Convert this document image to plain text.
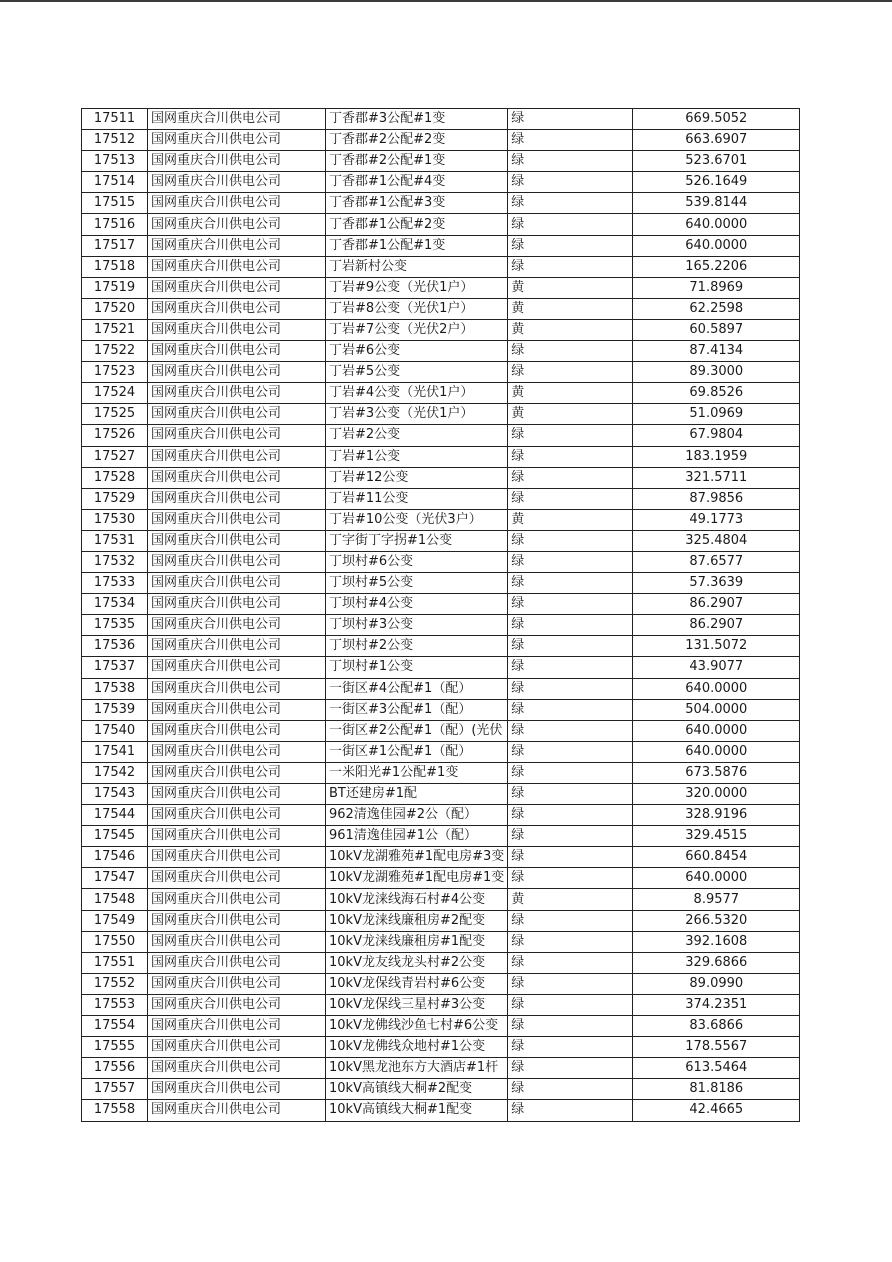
17511	国网重庆合川供电公司	丁香郡#3公配#1变	绿	669.5052
17512	国网重庆合川供电公司	丁香郡#2公配#2变	绿	663.6907
17513	国网重庆合川供电公司	丁香郡#2公配#1变	绿	523.6701
17514	国网重庆合川供电公司	丁香郡#1公配#4变	绿	526.1649
17515	国网重庆合川供电公司	丁香郡#1公配#3变	绿	539.8144
17516	国网重庆合川供电公司	丁香郡#1公配#2变	绿	640.0000
17517	国网重庆合川供电公司	丁香郡#1公配#1变	绿	640.0000
17518	国网重庆合川供电公司	丁岩新村公变	绿	165.2206
17519	国网重庆合川供电公司	丁岩#9公变（光伏1户）	黄	71.8969
17520	国网重庆合川供电公司	丁岩#8公变（光伏1户）	黄	62.2598
17521	国网重庆合川供电公司	丁岩#7公变（光伏2户）	黄	60.5897
17522	国网重庆合川供电公司	丁岩#6公变	绿	87.4134
17523	国网重庆合川供电公司	丁岩#5公变	绿	89.3000
17524	国网重庆合川供电公司	丁岩#4公变（光伏1户）	黄	69.8526
17525	国网重庆合川供电公司	丁岩#3公变（光伏1户）	黄	51.0969
17526	国网重庆合川供电公司	丁岩#2公变	绿	67.9804
17527	国网重庆合川供电公司	丁岩#1公变	绿	183.1959
17528	国网重庆合川供电公司	丁岩#12公变	绿	321.5711
17529	国网重庆合川供电公司	丁岩#11公变	绿	87.9856
17530	国网重庆合川供电公司	丁岩#10公变（光伏3户）	黄	49.1773
17531	国网重庆合川供电公司	丁字街丁字拐#1公变	绿	325.4804
17532	国网重庆合川供电公司	丁坝村#6公变	绿	87.6577
17533	国网重庆合川供电公司	丁坝村#5公变	绿	57.3639
17534	国网重庆合川供电公司	丁坝村#4公变	绿	86.2907
17535	国网重庆合川供电公司	丁坝村#3公变	绿	86.2907
17536	国网重庆合川供电公司	丁坝村#2公变	绿	131.5072
17537	国网重庆合川供电公司	丁坝村#1公变	绿	43.9077
17538	国网重庆合川供电公司	一街区#4公配#1（配）	绿	640.0000
17539	国网重庆合川供电公司	一街区#3公配#1（配）	绿	504.0000
17540	国网重庆合川供电公司	一街区#2公配#1（配）(光伏	绿	640.0000
17541	国网重庆合川供电公司	一街区#1公配#1（配）	绿	640.0000
17542	国网重庆合川供电公司	一米阳光#1公配#1变	绿	673.5876
17543	国网重庆合川供电公司	BT还建房#1配	绿	320.0000
17544	国网重庆合川供电公司	962清逸佳园#2公（配）	绿	328.9196
17545	国网重庆合川供电公司	961清逸佳园#1公（配）	绿	329.4515
17546	国网重庆合川供电公司	10kV龙湖雅苑#1配电房#3变	绿	660.8454
17547	国网重庆合川供电公司	10kV龙湖雅苑#1配电房#1变	绿	640.0000
17548	国网重庆合川供电公司	10kV龙涞线海石村#4公变	黄	8.9577
17549	国网重庆合川供电公司	10kV龙涞线廉租房#2配变	绿	266.5320
17550	国网重庆合川供电公司	10kV龙涞线廉租房#1配变	绿	392.1608
17551	国网重庆合川供电公司	10kV龙友线龙头村#2公变	绿	329.6866
17552	国网重庆合川供电公司	10kV龙保线青岩村#6公变	绿	89.0990
17553	国网重庆合川供电公司	10kV龙保线三星村#3公变	绿	374.2351
17554	国网重庆合川供电公司	10kV龙佛线沙鱼七村#6公变	绿	83.6866
17555	国网重庆合川供电公司	10kV龙佛线众地村#1公变	绿	178.5567
17556	国网重庆合川供电公司	10kV黑龙池东方大酒店#1杆	绿	613.5464
17557	国网重庆合川供电公司	10kV高镇线大桐#2配变	绿	81.8186
17558	国网重庆合川供电公司	10kV高镇线大桐#1配变	绿	42.4665
